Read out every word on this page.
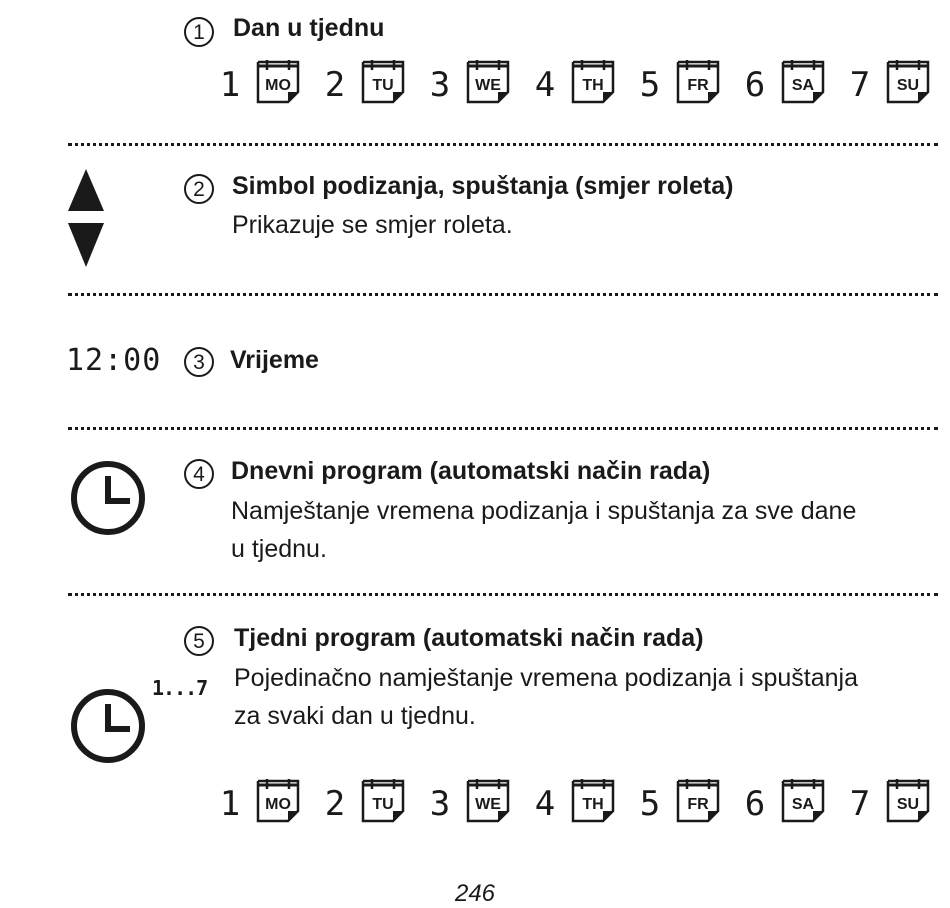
1	Dan u tjednu
1 MO 2 TU 3 WE 4 TH 5 FR 6 SA 7 SU
2	Simbol podizanja, spuštanja (smjer roleta)
Prikazuje se smjer roleta.
12:00	3	Vrijeme
4	Dnevni program (automatski način rada)
Namještanje vremena podizanja i spuštanja za sve dane
u tjednu.
1...7
5	Tjedni program (automatski način rada)
Pojedinačno namještanje vremena podizanja i spuštanja
za svaki dan u tjednu.
1 MO 2 TU 3 WE 4 TH 5 FR 6 SA 7 SU
246
